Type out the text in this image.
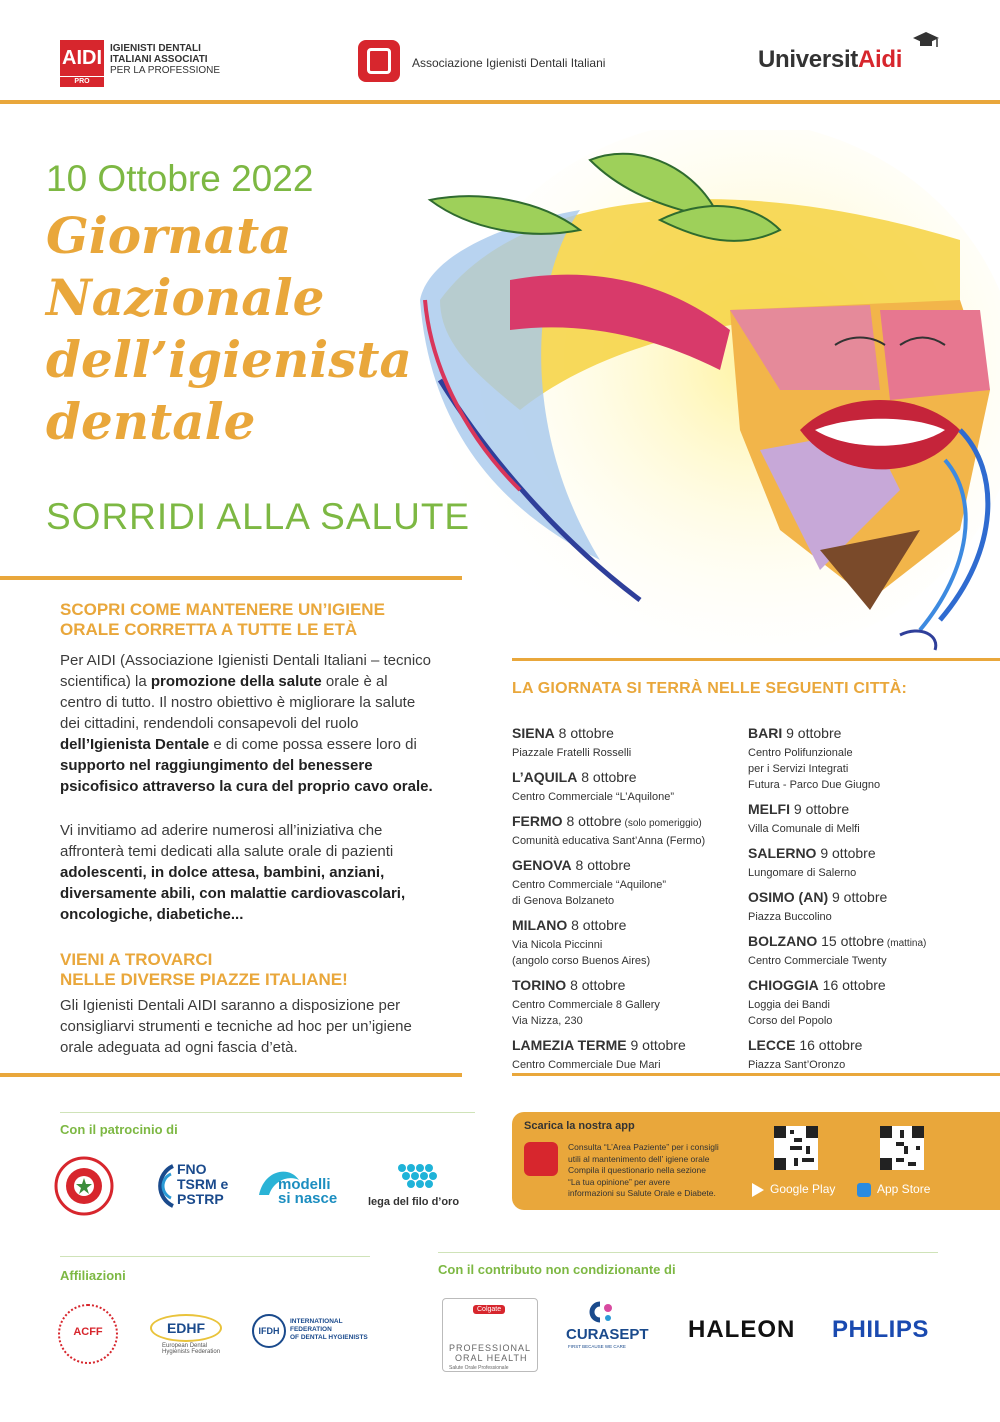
AIDI
PRO
IGIENISTI DENTALI
ITALIANI ASSOCIATI
PER LA PROFESSIONE
Associazione Igienisti Dentali Italiani	UniversitAidi
10 Ottobre 2022
Giornata
Nazionale
dell’igienista
dentale
SORRIDI ALLA SALUTE
SCOPRI COME MANTENERE UN’IGIENE
ORALE CORRETTA A TUTTE LE ETÀ
Per AIDI (Associazione Igienisti Dentali Italiani – tecnico
scientifica) la promozione della salute orale è al
centro di tutto. Il nostro obiettivo è migliorare la salute
dei cittadini, rendendoli consapevoli del ruolo
dell’Igienista Dentale e di come possa essere loro di
supporto nel raggiungimento del benessere
psicofisico attraverso la cura del proprio cavo orale.
Vi invitiamo ad aderire numerosi all’iniziativa che
affronterà temi dedicati alla salute orale di pazienti
adolescenti, in dolce attesa, bambini, anziani,
diversamente abili, con malattie cardiovascolari,
oncologiche, diabetiche...
VIENI A TROVARCI
NELLE DIVERSE PIAZZE ITALIANE!
Gli Igienisti Dentali AIDI saranno a disposizione per
consigliarvi strumenti e tecniche ad hoc per un’igiene
orale adeguata ad ogni fascia d’età.
LA GIORNATA SI TERRÀ NELLE SEGUENTI CITTÀ:
SIENA 8 ottobre
Piazzale Fratelli Rosselli
L’AQUILA 8 ottobre
Centro Commerciale “L’Aquilone”
FERMO 8 ottobre (solo pomeriggio)
Comunità educativa Sant’Anna (Fermo)
GENOVA 8 ottobre
Centro Commerciale “Aquilone”
di Genova Bolzaneto
MILANO 8 ottobre
Via Nicola Piccinni
(angolo corso Buenos Aires)
TORINO 8 ottobre
Centro Commerciale 8 Gallery
Via Nizza, 230
LAMEZIA TERME 9 ottobre
Centro Commerciale Due Mari
BARI 9 ottobre
Centro Polifunzionale
per i Servizi Integrati
Futura - Parco Due Giugno
MELFI 9 ottobre
Villa Comunale di Melfi
SALERNO 9 ottobre
Lungomare di Salerno
OSIMO (AN) 9 ottobre
Piazza Buccolino
BOLZANO 15 ottobre (mattina)
Centro Commerciale Twenty
CHIOGGIA 16 ottobre
Loggia dei Bandi
Corso del Popolo
LECCE 16 ottobre
Piazza Sant’Oronzo
Con il patrocinio di
FNO
TSRM e
PSTRP
modelli
si nasce	lega del filo d’oro
Scarica la nostra app
Consulta “L’Area Paziente” per i consigli
utili al mantenimento dell’ igiene orale
Compila il questionario nella sezione
“La tua opinione” per avere
informazioni su Salute Orale e Diabete.	Google Play	App Store
Affiliazioni
ACFF	EDHF
European Dental Hygienists Federation
IFDH
INTERNATIONAL FEDERATION
OF DENTAL HYGIENISTS
Con il contributo non condizionante di
Colgate
PROFESSIONAL
ORAL HEALTH
Salute Orale Professionale
CURASEPT
FIRST BECAUSE WE CARE
HALEON PHILIPS
